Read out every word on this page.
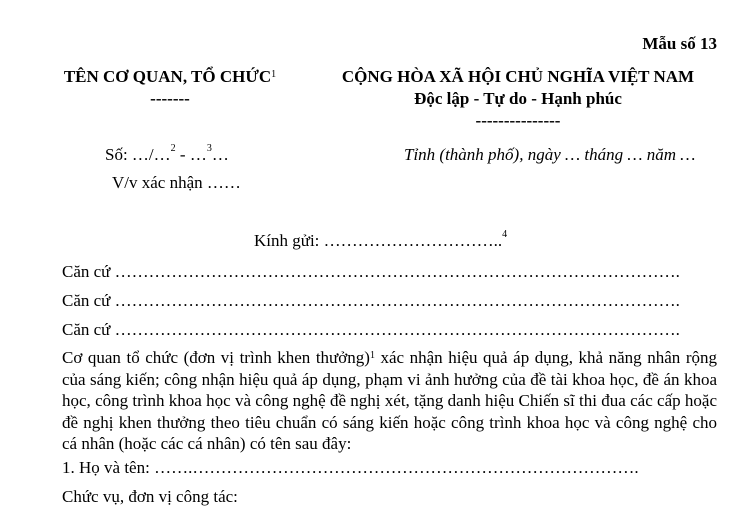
Mẫu số 13
TÊN CƠ QUAN, TỔ CHỨC$^1$
-------
CỘNG HÒA XÃ HỘI CHỦ NGHĨA VIỆT NAM
Độc lập - Tự do - Hạnh phúc
---------------
Số: …/…$^2$ - …$^3$…	Tỉnh (thành phố), ngày … tháng … năm …
V/v xác nhận ……
Kính gửi: …………………………..$^4$
Căn cứ ……………………………………………………………………………………….
Căn cứ ……………………………………………………………………………………….
Căn cứ ……………………………………………………………………………………….
Cơ quan tổ chức (đơn vị trình khen thưởng)$^1$ xác nhận hiệu quả áp dụng, khả năng nhân rộng của sáng kiến; công nhận hiệu quả áp dụng, phạm vi ảnh hưởng của đề tài khoa học, đề án khoa học, công trình khoa học và công nghệ đề nghị xét, tặng danh hiệu Chiến sĩ thi đua các cấp hoặc đề nghị khen thưởng theo tiêu chuẩn có sáng kiến hoặc công trình khoa học và công nghệ cho cá nhân (hoặc các cá nhân) có tên sau đây:
1. Họ và tên: …….…………………………………………………………………….
Chức vụ, đơn vị công tác:
